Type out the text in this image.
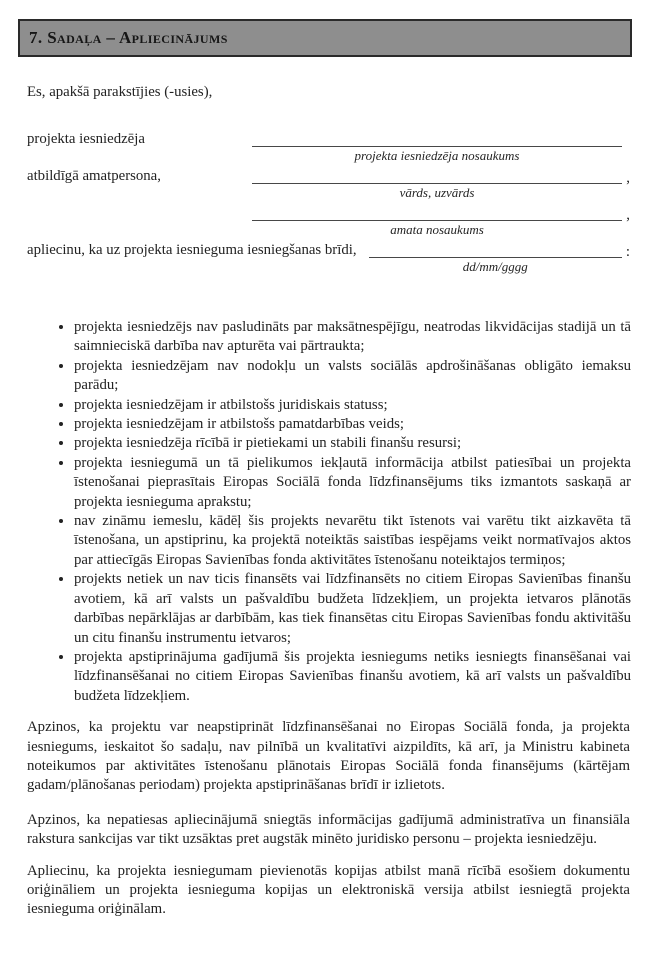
7. Sadaļa – Apliecinājums

Es, apakšā parakstījies (-usies),

projekta iesniedzēja
projekta iesniedzēja nosaukums
atbildīgā amatpersona,
vārds, uzvārds
,
amata nosaukums
,
apliecinu, ka uz projekta iesnieguma iesniegšanas brīdi,
dd/mm/gggg
:
• projekta iesniedzējs nav pasludināts par maksātnespējīgu, neatrodas likvidācijas stadijā un tā saimnieciskā darbība nav apturēta vai pārtraukta;
• projekta iesniedzējam nav nodokļu un valsts sociālās apdrošināšanas obligāto iemaksu parādu;
• projekta iesniedzējam ir atbilstošs juridiskais statuss;
• projekta iesniedzējam ir atbilstošs pamatdarbības veids;
• projekta iesniedzēja rīcībā ir pietiekami un stabili finanšu resursi;
• projekta iesniegumā un tā pielikumos iekļautā informācija atbilst patiesībai un projekta īstenošanai pieprasītais Eiropas Sociālā fonda līdzfinansējums tiks izmantots saskaņā ar projekta iesnieguma aprakstu;
• nav zināmu iemeslu, kādēļ šis projekts nevarētu tikt īstenots vai varētu tikt aizkavēta tā īstenošana, un apstiprinu, ka projektā noteiktās saistības iespējams veikt normatīvajos aktos par attiecīgās Eiropas Savienības fonda aktivitātes īstenošanu noteiktajos termiņos;
• projekts netiek un nav ticis finansēts vai līdzfinansēts no citiem Eiropas Savienības finanšu avotiem, kā arī valsts un pašvaldību budžeta līdzekļiem, un projekta ietvaros plānotās darbības nepārklājas ar darbībām, kas tiek finansētas citu Eiropas Savienības fondu aktivitāšu un citu finanšu instrumentu ietvaros;
• projekta apstiprinājuma gadījumā šis projekta iesniegums netiks iesniegts finansēšanai vai līdzfinansēšanai no citiem Eiropas Savienības finanšu avotiem, kā arī valsts un pašvaldību budžeta līdzekļiem.

Apzinos, ka projektu var neapstiprināt līdzfinansēšanai no Eiropas Sociālā fonda, ja projekta iesniegums, ieskaitot šo sadaļu, nav pilnībā un kvalitatīvi aizpildīts, kā arī, ja Ministru kabineta noteikumos par aktivitātes īstenošanu plānotais Eiropas Sociālā fonda finansējums (kārtējam gadam/plānošanas periodam) projekta apstiprināšanas brīdī ir izlietots.

Apzinos, ka nepatiesas apliecinājumā sniegtās informācijas gadījumā administratīva un finansiāla rakstura sankcijas var tikt uzsāktas pret augstāk minēto juridisko personu – projekta iesniedzēju.

Apliecinu, ka projekta iesniegumam pievienotās kopijas atbilst manā rīcībā esošiem dokumentu oriģināliem un projekta iesnieguma kopijas un elektroniskā versija atbilst iesniegtā projekta iesnieguma oriģinālam.
